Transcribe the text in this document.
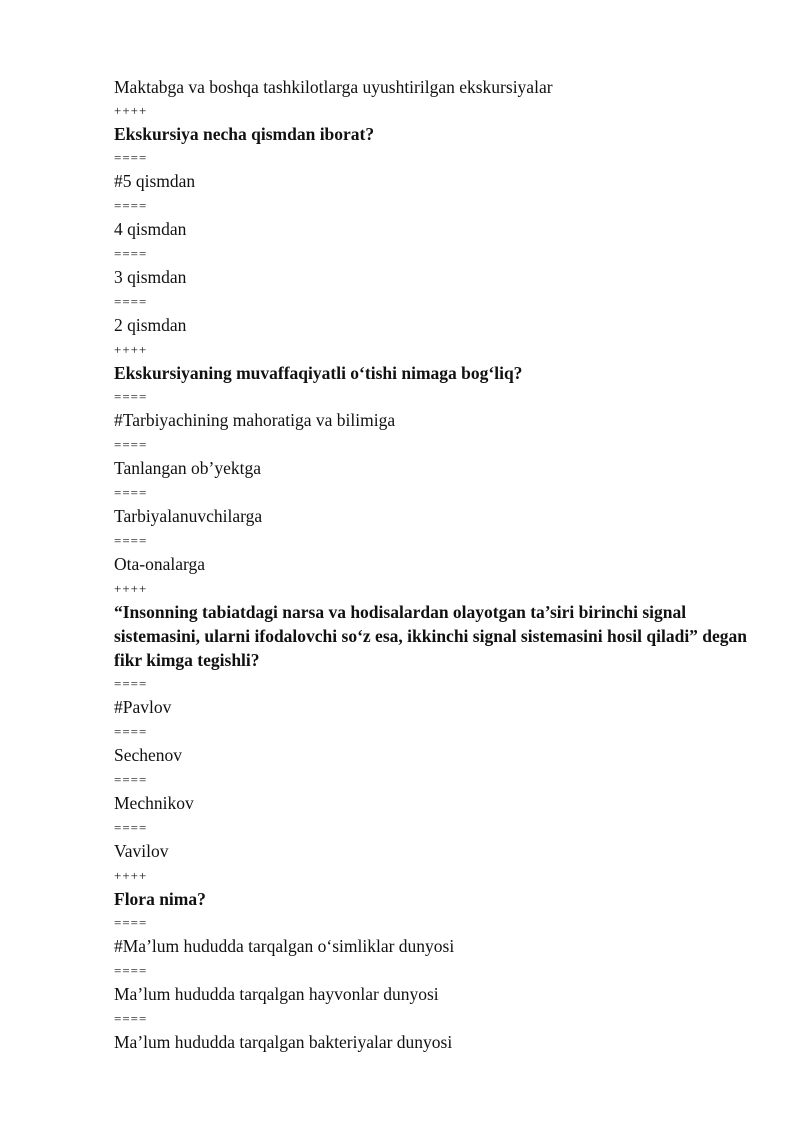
Maktabga va boshqa tashkilotlarga uyushtirilgan ekskursiyalar
++++
Ekskursiya necha qismdan iborat?
====
#5 qismdan
====
4 qismdan
====
3 qismdan
====
2 qismdan
++++
Ekskursiyaning muvaffaqiyatli o‘tishi nimaga bog‘liq?
====
#Tarbiyachining mahoratiga va bilimiga
====
Tanlangan ob’yektga
====
Tarbiyalanuvchilarga
====
Ota-onalarga
++++
“Insonning tabiatdagi narsa va hodisalardan olayotgan ta’siri birinchi signal sistemasini, ularni ifodalovchi so‘z esa, ikkinchi signal sistemasini hosil qiladi” degan fikr kimga tegishli?
====
#Pavlov
====
Sechenov
====
Mechnikov
====
Vavilov
++++
Flora nima?
====
#Ma’lum hududda tarqalgan o‘simliklar dunyosi
====
Ma’lum hududda tarqalgan hayvonlar dunyosi
====
Ma’lum hududda tarqalgan bakteriyalar dunyosi
